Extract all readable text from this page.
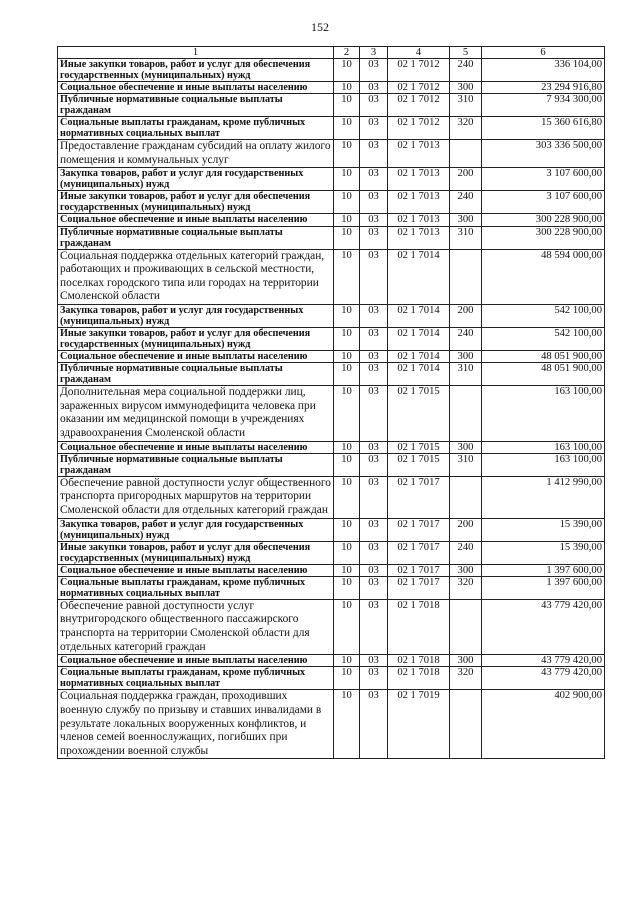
152
1	2	3	4	5	6
Иные закупки товаров, работ и услуг для обеспечения государственных (муниципальных) нужд	10	03	02 1 7012	240	336 104,00
Социальное обеспечение и иные выплаты населению	10	03	02 1 7012	300	23 294 916,80
Публичные нормативные социальные выплаты гражданам	10	03	02 1 7012	310	7 934 300,00
Социальные выплаты гражданам, кроме публичных нормативных социальных выплат	10	03	02 1 7012	320	15 360 616,80
Предоставление гражданам субсидий на оплату жилого помещения и коммунальных услуг	10	03	02 1 7013		303 336 500,00
Закупка товаров, работ и услуг для государственных (муниципальных) нужд	10	03	02 1 7013	200	3 107 600,00
Иные закупки товаров, работ и услуг для обеспечения государственных (муниципальных) нужд	10	03	02 1 7013	240	3 107 600,00
Социальное обеспечение и иные выплаты населению	10	03	02 1 7013	300	300 228 900,00
Публичные нормативные социальные выплаты гражданам	10	03	02 1 7013	310	300 228 900,00
Социальная поддержка отдельных категорий граждан, работающих и проживающих в сельской местности, поселках городского типа или городах на территории Смоленской области	10	03	02 1 7014		48 594 000,00
Закупка товаров, работ и услуг для государственных (муниципальных) нужд	10	03	02 1 7014	200	542 100,00
Иные закупки товаров, работ и услуг для обеспечения государственных (муниципальных) нужд	10	03	02 1 7014	240	542 100,00
Социальное обеспечение и иные выплаты населению	10	03	02 1 7014	300	48 051 900,00
Публичные нормативные социальные выплаты гражданам	10	03	02 1 7014	310	48 051 900,00
Дополнительная мера социальной поддержки лиц, зараженных вирусом иммунодефицита человека при оказании им медицинской помощи в учреждениях здравоохранения Смоленской области	10	03	02 1 7015		163 100,00
Социальное обеспечение и иные выплаты населению	10	03	02 1 7015	300	163 100,00
Публичные нормативные социальные выплаты гражданам	10	03	02 1 7015	310	163 100,00
Обеспечение равной доступности услуг общественного транспорта пригородных маршрутов на территории Смоленской области для отдельных категорий граждан	10	03	02 1 7017		1 412 990,00
Закупка товаров, работ и услуг для государственных (муниципальных) нужд	10	03	02 1 7017	200	15 390,00
Иные закупки товаров, работ и услуг для обеспечения государственных (муниципальных) нужд	10	03	02 1 7017	240	15 390,00
Социальное обеспечение и иные выплаты населению	10	03	02 1 7017	300	1 397 600,00
Социальные выплаты гражданам, кроме публичных нормативных социальных выплат	10	03	02 1 7017	320	1 397 600,00
Обеспечение равной доступности услуг внутригородского общественного пассажирского транспорта на территории Смоленской области для отдельных категорий граждан	10	03	02 1 7018		43 779 420,00
Социальное обеспечение и иные выплаты населению	10	03	02 1 7018	300	43 779 420,00
Социальные выплаты гражданам, кроме публичных нормативных социальных выплат	10	03	02 1 7018	320	43 779 420,00
Социальная поддержка граждан, проходивших военную службу по призыву и ставших инвалидами в результате локальных вооруженных конфликтов, и членов семей военнослужащих, погибших при прохождении военной службы	10	03	02 1 7019		402 900,00
